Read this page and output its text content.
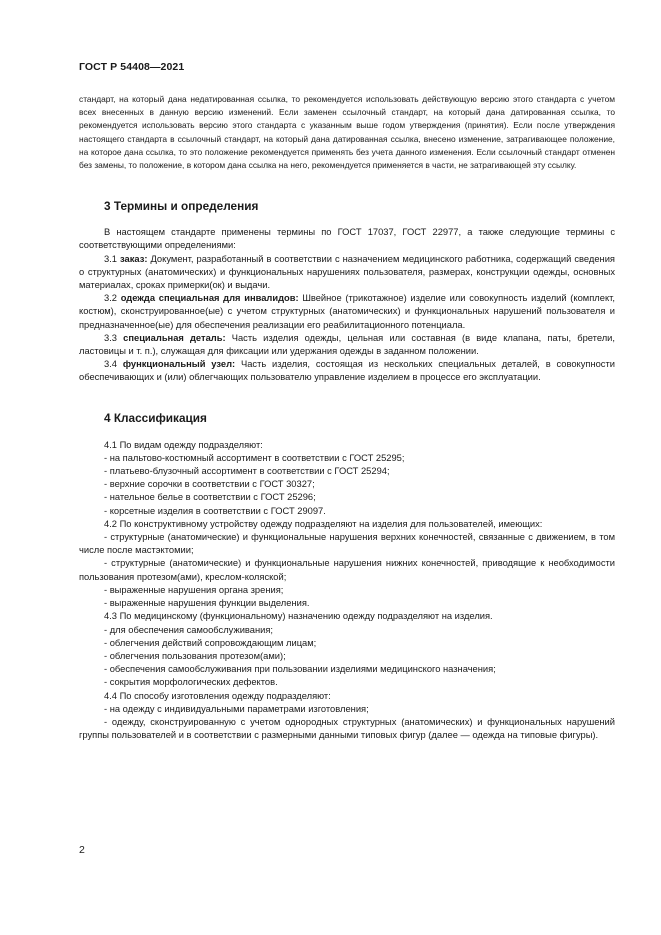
ГОСТ Р 54408—2021

стандарт, на который дана недатированная ссылка, то рекомендуется использовать действующую версию этого стандарта с учетом всех внесенных в данную версию изменений. Если заменен ссылочный стандарт, на который дана датированная ссылка, то рекомендуется использовать версию этого стандарта с указанным выше годом утверждения (принятия). Если после утверждения настоящего стандарта в ссылочный стандарт, на который дана датированная ссылка, внесено изменение, затрагивающее положение, на которое дана ссылка, то это положение рекомендуется применять без учета данного изменения. Если ссылочный стандарт отменен без замены, то положение, в котором дана ссылка на него, рекомендуется применяется в части, не затрагивающей эту ссылку.

3 Термины и определения

В настоящем стандарте применены термины по ГОСТ 17037, ГОСТ 22977, а также следующие термины с соответствующими определениями:

3.1 заказ: Документ, разработанный в соответствии с назначением медицинского работника, содержащий сведения о структурных (анатомических) и функциональных нарушениях пользователя, размерах, конструкции одежды, основных материалах, сроках примерки(ок) и выдачи.

3.2 одежда специальная для инвалидов: Швейное (трикотажное) изделие или совокупность изделий (комплект, костюм), сконструированное(ые) с учетом структурных (анатомических) и функциональных нарушений пользователя и предназначенное(ые) для обеспечения реализации его реабилитационного потенциала.

3.3 специальная деталь: Часть изделия одежды, цельная или составная (в виде клапана, паты, бретели, ластовицы и т. п.), служащая для фиксации или удержания одежды в заданном положении.

3.4 функциональный узел: Часть изделия, состоящая из нескольких специальных деталей, в совокупности обеспечивающих и (или) облегчающих пользователю управление изделием в процессе его эксплуатации.

4 Классификация

4.1 По видам одежду подразделяют:

- на пальтово-костюмный ассортимент в соответствии с ГОСТ 25295;

- платьево-блузочный ассортимент в соответствии с ГОСТ 25294;

- верхние сорочки в соответствии с ГОСТ 30327;

- нательное белье в соответствии с ГОСТ 25296;

- корсетные изделия в соответствии с ГОСТ 29097.

4.2 По конструктивному устройству одежду подразделяют на изделия для пользователей, имеющих:

- структурные (анатомические) и функциональные нарушения верхних конечностей, связанные с движением, в том числе после мастэктомии;

- структурные (анатомические) и функциональные нарушения нижних конечностей, приводящие к необходимости пользования протезом(ами), креслом-коляской;

- выраженные нарушения органа зрения;

- выраженные нарушения функции выделения.

4.3 По медицинскому (функциональному) назначению одежду подразделяют на изделия.

- для обеспечения самообслуживания;

- облегчения действий сопровождающим лицам;

- облегчения пользования протезом(ами);

- обеспечения самообслуживания при пользовании изделиями медицинского назначения;

- сокрытия морфологических дефектов.

4.4 По способу изготовления одежду подразделяют:

- на одежду с индивидуальными параметрами изготовления;

- одежду, сконструированную с учетом однородных структурных (анатомических) и функциональных нарушений группы пользователей и в соответствии с размерными данными типовых фигур (далее — одежда на типовые фигуры).

2
